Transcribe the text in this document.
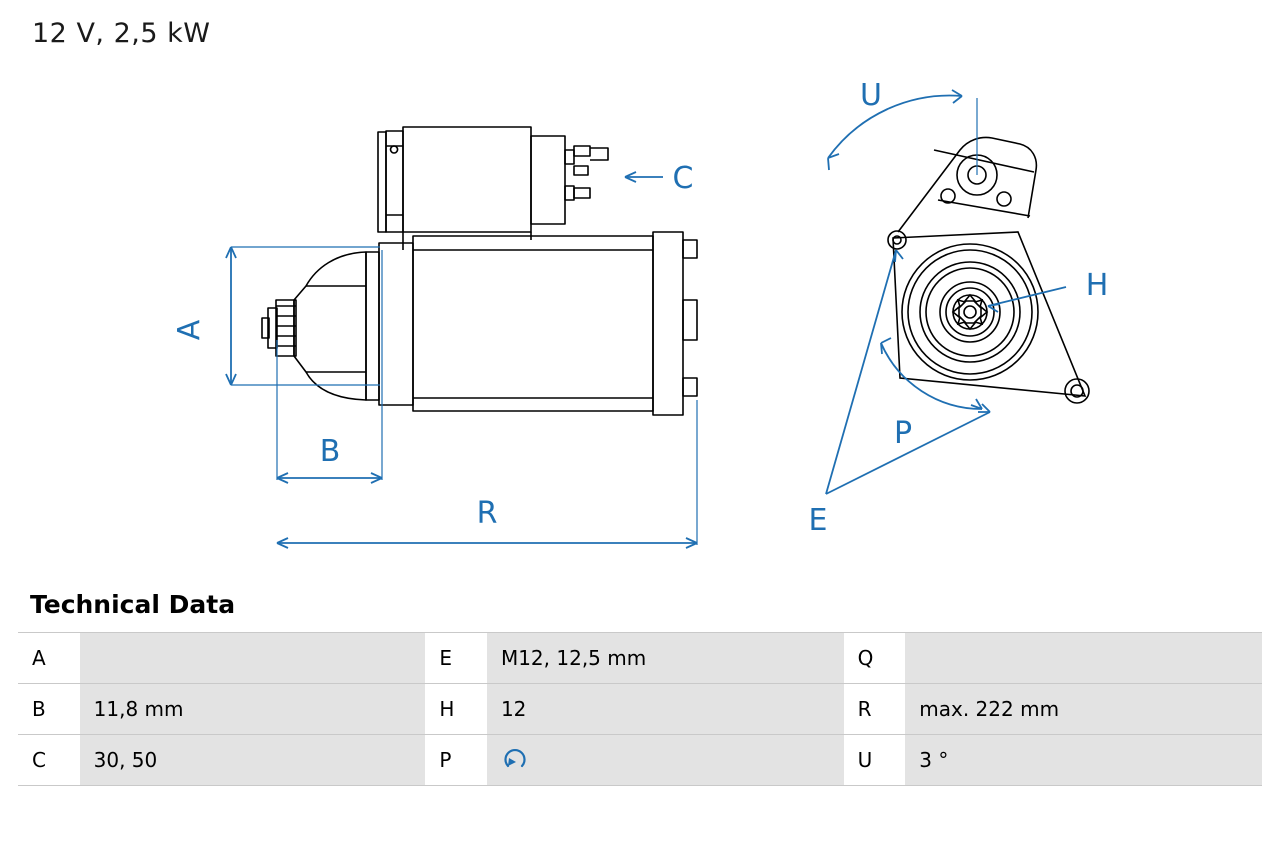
12 V, 2,5 kW
A
B
R
C
U
H
P
E
Technical Data
A		E	M12, 12,5 mm	Q	
B	11,8 mm	H	12	R	max. 222 mm
C	30, 50	P		U	3 °
